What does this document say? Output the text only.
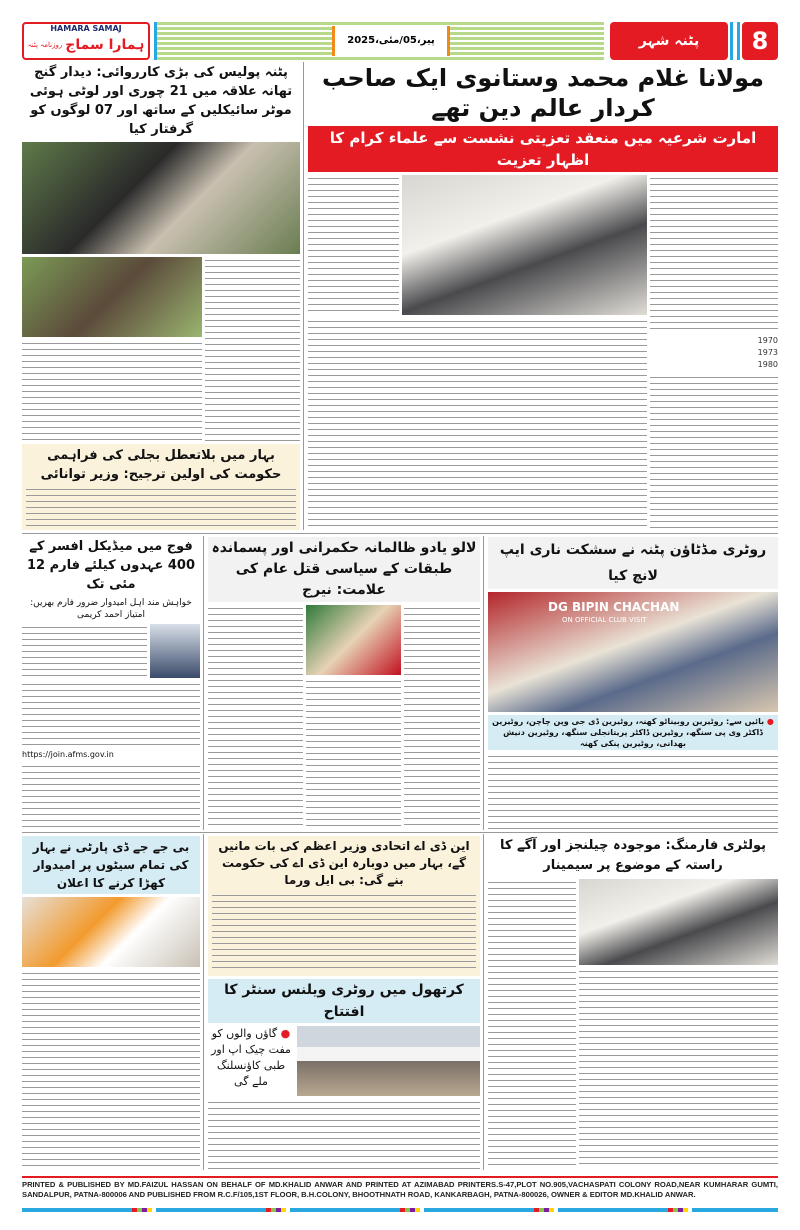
HAMARA SAMAJ
ہمارا سماج
روزنامہ پٹنہ	پیر،05/مئی،2025	پٹنہ شہر	8
پٹنہ پولیس کی بڑی کارروائی: دیدار گنج تھانہ علاقہ میں 21 چوری اور لوٹی ہوئی موٹر سائیکلیں کے ساتھ اور 07 لوگوں کو گرفتار کیا
بہار میں بلاتعطل بجلی کی فراہمی حکومت کی اولین ترجیح: وزیر توانائی
مولانا غلام محمد وستانوی ایک صاحب کردار عالم دین تھے
امارت شرعیہ میں منعقد تعزیتی نشست سے علماء کرام کا اظہار تعزیت
1970
1973
1980
فوج میں میڈیکل افسر کے 400 عہدوں کیلئے فارم 12 مئی تک
خواہش مند اہل امیدوار ضرور فارم بھریں: امتیاز احمد کریمی
https://join.afms.gov.in
لالو یادو ظالمانہ حکمرانی اور پسماندہ طبقات کے سیاسی قتل عام کی علامت: نیرج
روٹری مڈٹاؤن پٹنہ نے سشکت ناری ایپ لانچ کیا
DG BIPIN CHACHAN
ON OFFICIAL CLUB VISIT
● بائیں سے: روٹیرین روبیناٹو کھنہ، روٹیرین ڈی جی وپن چاچن، روٹیرین ڈاکٹر وی پی سنگھ، روٹیرین ڈاکٹر پریتانجلی سنگھ، روٹیرین دنیش بھدانی، روٹیرین پنکی کھنہ
بی جے جے ڈی پارٹی نے بہار کی تمام سیٹوں پر امیدوار کھڑا کرنے کا اعلان
این ڈی اے اتحادی وزیر اعظم کی بات مانیں گے، بہار میں دوبارہ این ڈی اے کی حکومت بنے گی: بی ایل ورما
کرتھول میں روٹری ویلنس سنٹر کا افتتاح
● گاؤں والوں کو مفت چیک اپ اور طبی کاؤنسلنگ ملے گی
پولٹری فارمنگ: موجودہ چیلنجز اور آگے کا راستہ کے موضوع پر سیمینار
PRINTED & PUBLISHED BY MD.FAIZUL HASSAN ON BEHALF OF MD.KHALID ANWAR AND PRINTED AT AZIMABAD PRINTERS.S-47,PLOT NO.905,VACHASPATI COLONY ROAD,NEAR KUMHARAR GUMTI, SANDALPUR, PATNA-800006 AND PUBLISHED FROM R.C.F/105,1ST FLOOR, B.H.COLONY, BHOOTHNATH ROAD, KANKARBAGH, PATNA-800026, OWNER & EDITOR MD.KHALID ANWAR.
